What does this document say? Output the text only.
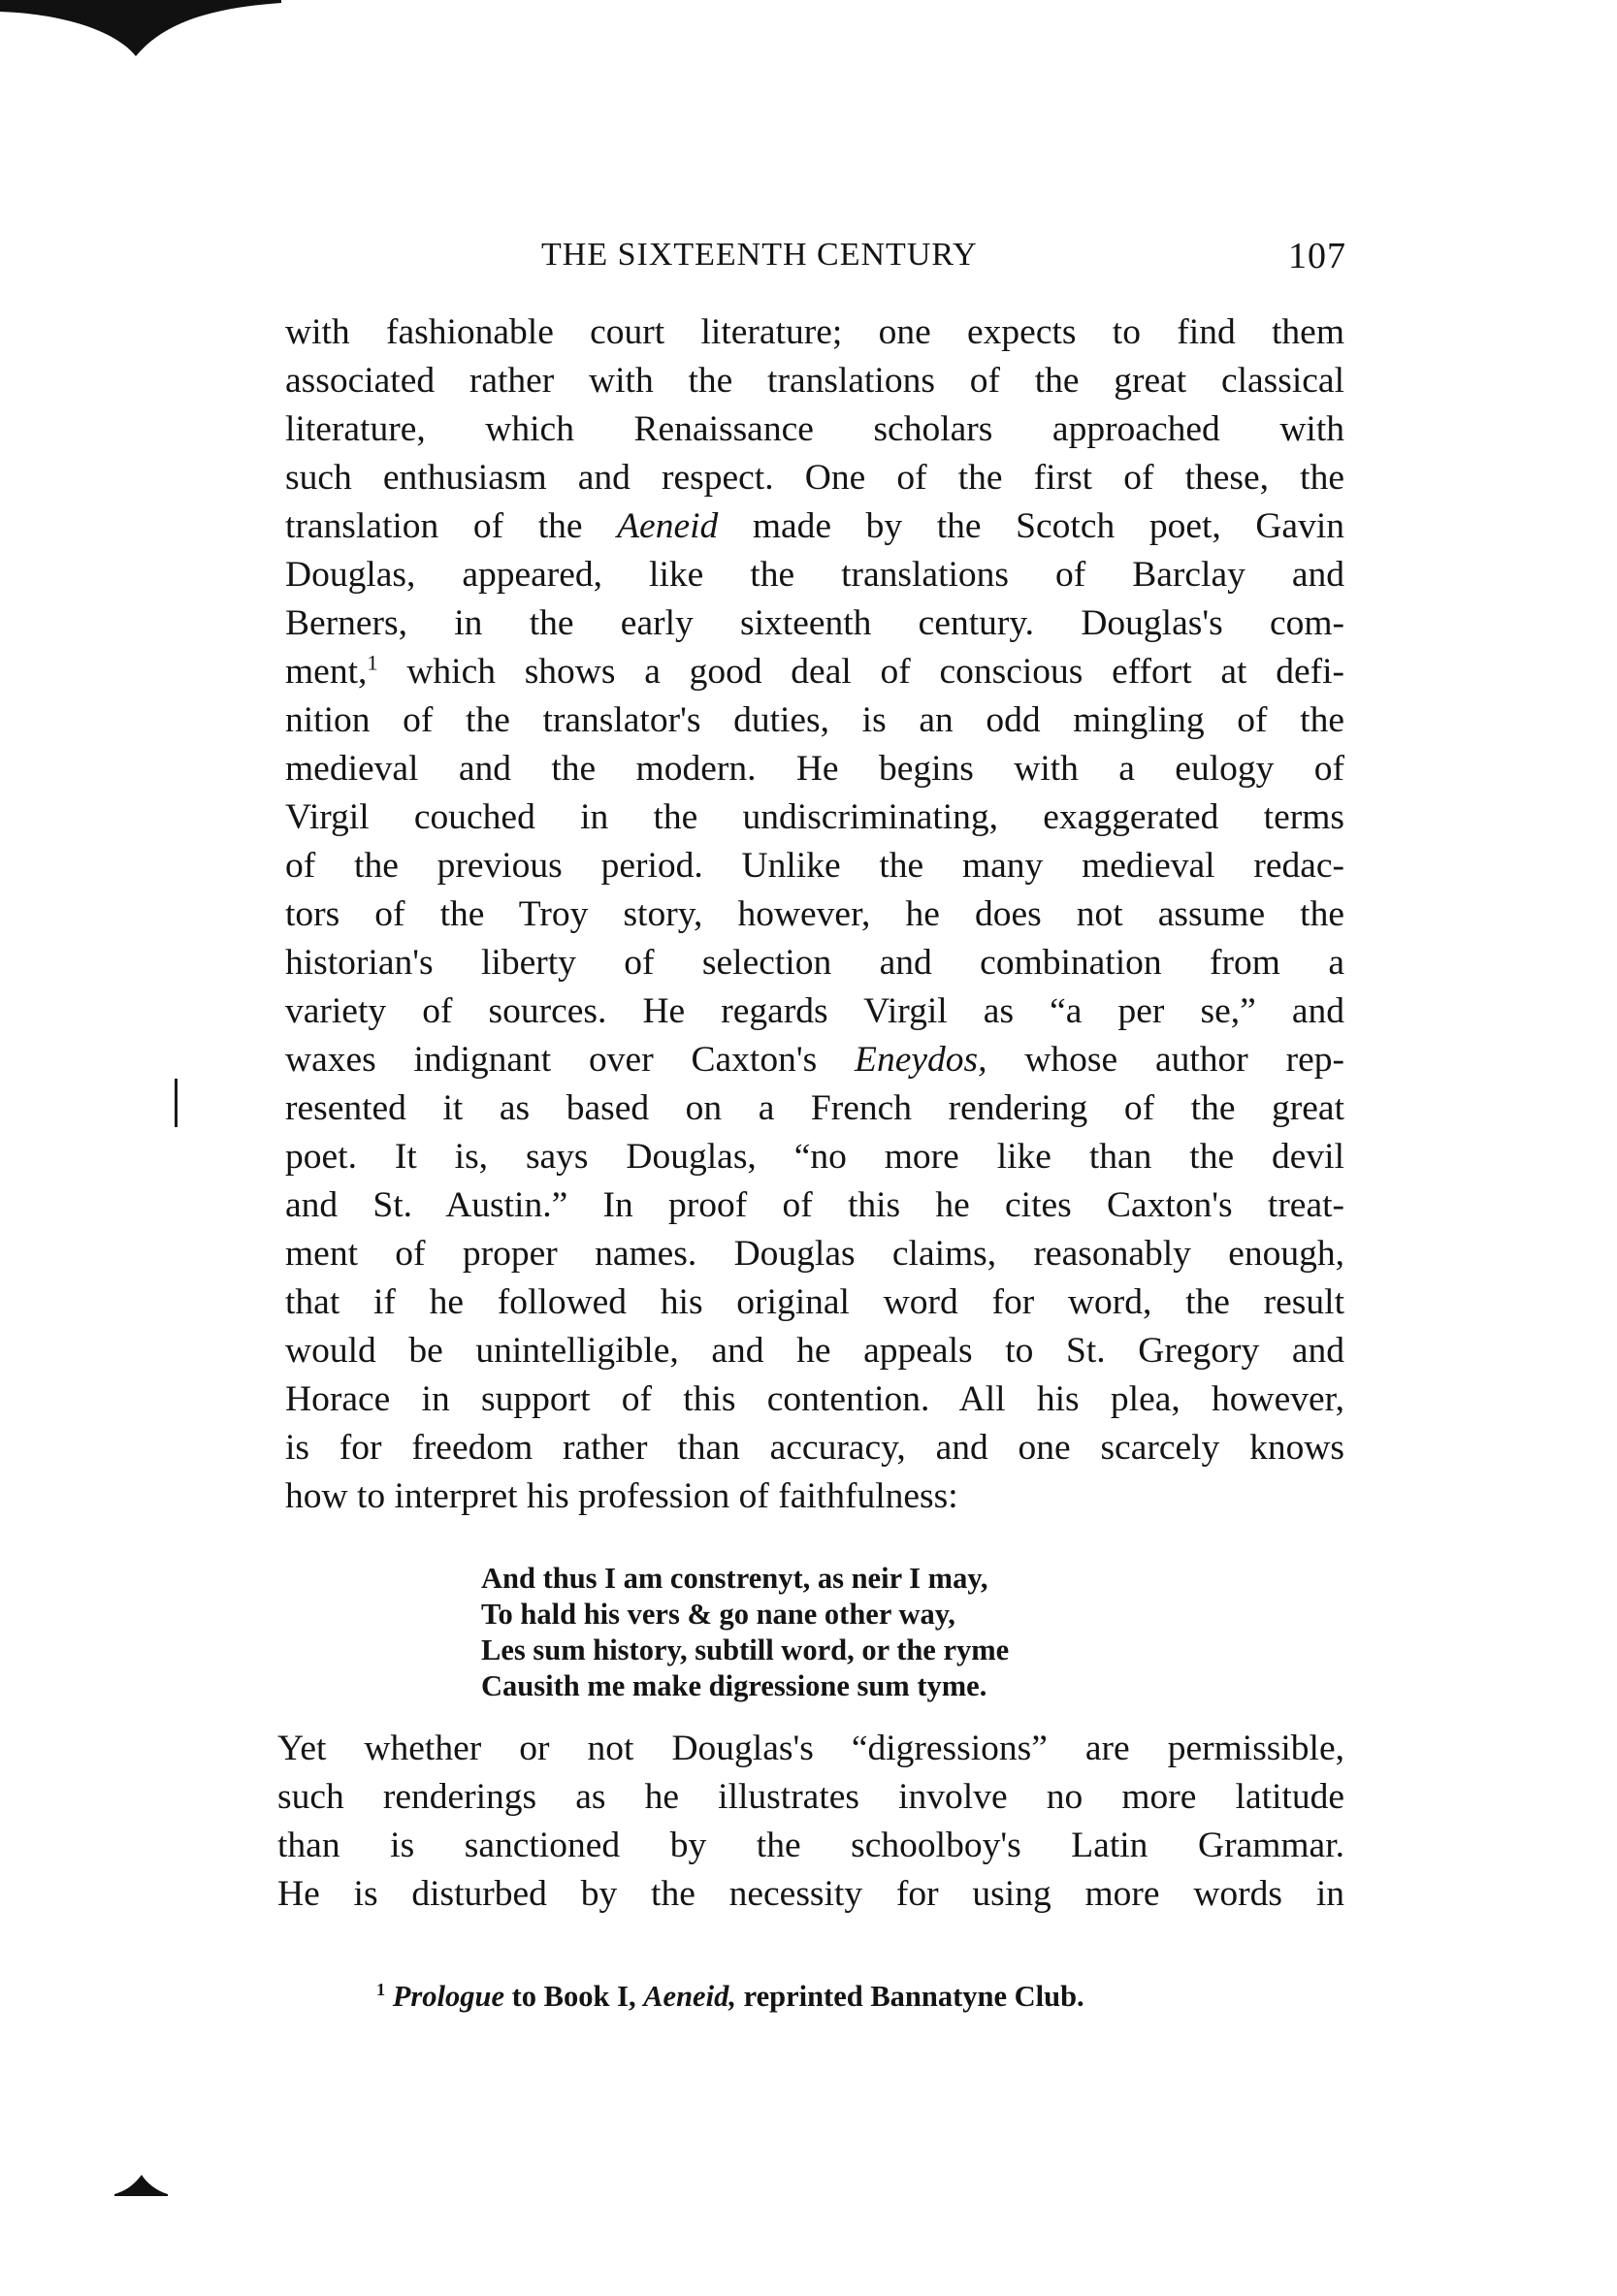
THE SIXTEENTH CENTURY	107
with fashionable court literature; one expects to find them
associated rather with the translations of the great classical
literature, which Renaissance scholars approached with
such enthusiasm and respect. One of the first of these, the
translation of the Aeneid made by the Scotch poet, Gavin
Douglas, appeared, like the translations of Barclay and
Berners, in the early sixteenth century. Douglas's com-
ment,$^1$ which shows a good deal of conscious effort at defi-
nition of the translator's duties, is an odd mingling of the
medieval and the modern. He begins with a eulogy of
Virgil couched in the undiscriminating, exaggerated terms
of the previous period. Unlike the many medieval redac-
tors of the Troy story, however, he does not assume the
historian's liberty of selection and combination from a
variety of sources. He regards Virgil as “a per se,” and
waxes indignant over Caxton's Eneydos, whose author rep-
resented it as based on a French rendering of the great
poet. It is, says Douglas, “no more like than the devil
and St. Austin.” In proof of this he cites Caxton's treat-
ment of proper names. Douglas claims, reasonably enough,
that if he followed his original word for word, the result
would be unintelligible, and he appeals to St. Gregory and
Horace in support of this contention. All his plea, however,
is for freedom rather than accuracy, and one scarcely knows
how to interpret his profession of faithfulness:
And thus I am constrenyt, as neir I may,
To hald his vers & go nane other way,
Les sum history, subtill word, or the ryme
Causith me make digressione sum tyme.
Yet whether or not Douglas's “digressions” are permissible,
such renderings as he illustrates involve no more latitude
than is sanctioned by the schoolboy's Latin Grammar.
He is disturbed by the necessity for using more words in
$^1$ Prologue to Book I, Aeneid, reprinted Bannatyne Club.
